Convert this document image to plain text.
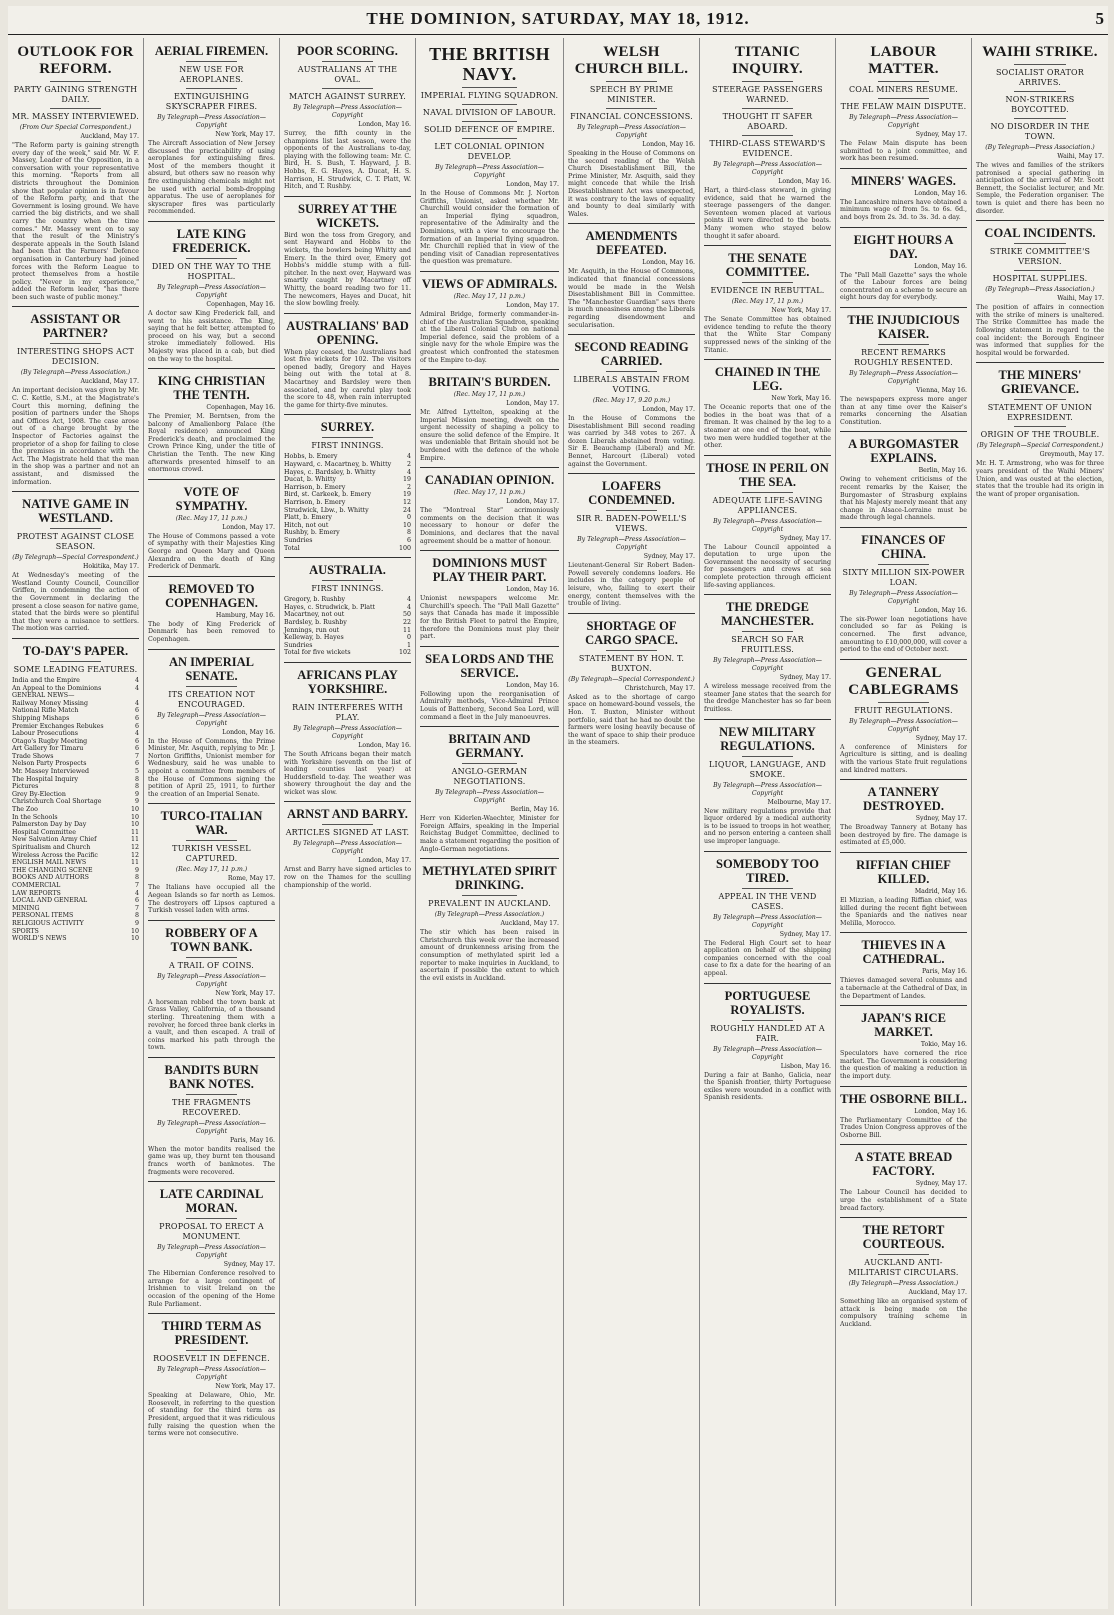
THE DOMINION, SATURDAY, MAY 18, 1912.	5
OUTLOOK FOR REFORM.
PARTY GAINING STRENGTH DAILY.
MR. MASSEY INTERVIEWED.
(From Our Special Correspondent.)
Auckland, May 17.
"The Reform party is gaining strength every day of the week," said Mr. W. F. Massey, Leader of the Opposition, in a conversation with your representative this morning. "Reports from all districts throughout the Dominion show that popular opinion is in favour of the Reform party, and that the Government is losing ground. We have carried the big districts, and we shall carry the country when the time comes." Mr. Massey went on to say that the result of the Ministry's desperate appeals in the South Island had been that the Farmers' Defence organisation in Canterbury had joined forces with the Reform League to protect themselves from a hostile policy. "Never in my experience," added the Reform leader, "has there been such waste of public money."
ASSISTANT OR PARTNER?
INTERESTING SHOPS ACT DECISION.
(By Telegraph—Press Association.)
Auckland, May 17.
An important decision was given by Mr. C. C. Kettle, S.M., at the Magistrate's Court this morning, defining the position of partners under the Shops and Offices Act, 1908. The case arose out of a charge brought by the Inspector of Factories against the proprietor of a shop for failing to close the premises in accordance with the Act. The Magistrate held that the man in the shop was a partner and not an assistant, and dismissed the information.
NATIVE GAME IN WESTLAND.
PROTEST AGAINST CLOSE SEASON.
(By Telegraph—Special Correspondent.)
Hokitika, May 17.
At Wednesday's meeting of the Westland County Council, Councillor Griffen, in condemning the action of the Government in declaring the present a close season for native game, stated that the birds were so plentiful that they were a nuisance to settlers. The motion was carried.
TO-DAY'S PAPER.
SOME LEADING FEATURES.
India and the Empire	4
An Appeal to the Dominions	4
GENERAL NEWS—
Railway Money Missing	4
National Rifle Match	6
Shipping Mishaps	6
Premier Exchanges Rebukes	6
Labour Prosecutions	4
Otago's Rugby Meeting	6
Art Gallery for Timaru	6
Trade Shows	7
Nelson Party Prospects	6
Mr. Massey Interviewed	5
The Hospital Inquiry	8
Pictures	8
Grey By-Election	9
Christchurch Coal Shortage	9
The Zoo	10
In the Schools	10
Palmerston Day by Day	10
Hospital Committee	11
New Salvation Army Chief	11
Spiritualism and Church	12
Wireless Across the Pacific	12
ENGLISH MAIL NEWS	11
THE CHANGING SCENE	9
BOOKS AND AUTHORS	8
COMMERCIAL	7
LAW REPORTS	4
LOCAL AND GENERAL	6
MINING	7
PERSONAL ITEMS	8
RELIGIOUS ACTIVITY	9
SPORTS	10
WORLD'S NEWS	10
AERIAL FIREMEN.
NEW USE FOR AEROPLANES.
EXTINGUISHING SKYSCRAPER FIRES.
By Telegraph—Press Association—Copyright
New York, May 17.
The Aircraft Association of New Jersey discussed the practicability of using aeroplanes for extinguishing fires. Most of the members thought it absurd, but others saw no reason why fire extinguishing chemicals might not be used with aerial bomb-dropping apparatus. The use of aeroplanes for skyscraper fires was particularly recommended.
LATE KING FREDERICK.
DIED ON THE WAY TO THE HOSPITAL.
By Telegraph—Press Association—Copyright
Copenhagen, May 16.
A doctor saw King Frederick fall, and went to his assistance. The King, saying that he felt better, attempted to proceed on his way, but a second stroke immediately followed. His Majesty was placed in a cab, but died on the way to the hospital.
KING CHRISTIAN THE TENTH.
Copenhagen, May 16.
The Premier, M. Berntsen, from the balcony of Amalienborg Palace (the Royal residence) announced King Frederick's death, and proclaimed the Crown Prince King, under the title of Christian the Tenth. The new King afterwards presented himself to an enormous crowd.
VOTE OF SYMPATHY.
(Rec. May 17, 11 p.m.)
London, May 17.
The House of Commons passed a vote of sympathy with their Majesties King George and Queen Mary and Queen Alexandra on the death of King Frederick of Denmark.
REMOVED TO COPENHAGEN.
Hamburg, May 16.
The body of King Frederick of Denmark has been removed to Copenhagen.
AN IMPERIAL SENATE.
ITS CREATION NOT ENCOURAGED.
By Telegraph—Press Association—Copyright
London, May 16.
In the House of Commons, the Prime Minister, Mr. Asquith, replying to Mr. J. Norton Griffiths, Unionist member for Wednesbury, said he was unable to appoint a committee from members of the House of Commons signing the petition of April 25, 1911, to further the creation of an Imperial Senate.
TURCO-ITALIAN WAR.
TURKISH VESSEL CAPTURED.
(Rec. May 17, 11 p.m.)
Rome, May 17.
The Italians have occupied all the Aegean Islands so far north as Lemos. The destroyers off Lipsos captured a Turkish vessel laden with arms.
ROBBERY OF A TOWN BANK.
A TRAIL OF COINS.
By Telegraph—Press Association—Copyright
New York, May 17.
A horseman robbed the town bank at Grass Valley, California, of a thousand sterling. Threatening them with a revolver, he forced three bank clerks in a vault, and then escaped. A trail of coins marked his path through the town.
BANDITS BURN BANK NOTES.
THE FRAGMENTS RECOVERED.
By Telegraph—Press Association—Copyright
Paris, May 16.
When the motor bandits realised the game was up, they burnt ten thousand francs worth of banknotes. The fragments were recovered.
LATE CARDINAL MORAN.
PROPOSAL TO ERECT A MONUMENT.
By Telegraph—Press Association—Copyright
Sydney, May 17.
The Hibernian Conference resolved to arrange for a large contingent of Irishmen to visit Ireland on the occasion of the opening of the Home Rule Parliament.
THIRD TERM AS PRESIDENT.
ROOSEVELT IN DEFENCE.
By Telegraph—Press Association—Copyright
New York, May 17.
Speaking at Delaware, Ohio, Mr. Roosevelt, in referring to the question of standing for the third term as President, argued that it was ridiculous fully raising the question when the terms were not consecutive.
POOR SCORING.
AUSTRALIANS AT THE OVAL.
MATCH AGAINST SURREY.
By Telegraph—Press Association—Copyright
London, May 16.
Surrey, the fifth county in the champions list last season, were the opponents of the Australians to-day, playing with the following team: Mr. C. Bird, H. S. Bush, T. Hayward, J. B. Hobbs, E. G. Hayes, A. Ducat, H. S. Harrison, H. Strudwick, C. T. Platt, W. Hitch, and T. Rushby.
SURREY AT THE WICKETS.
Bird won the toss from Gregory, and sent Hayward and Hobbs to the wickets, the bowlers being Whitty and Emery. In the third over, Emery got Hobbs's middle stump with a full-pitcher. In the next over, Hayward was smartly caught by Macartney off Whitty, the board reading two for 11. The newcomers, Hayes and Ducat, hit the slow bowling freely.
AUSTRALIANS' BAD OPENING.
When play ceased, the Australians had lost five wickets for 102. The visitors opened badly, Gregory and Hayes being out with the total at 8. Macartney and Bardsley were then associated, and by careful play took the score to 48, when rain interrupted the game for thirty-five minutes.
SURREY.
FIRST INNINGS.
Hobbs, b. Emery	4
Hayward, c. Macartney, b. Whitty 2
Hayes, c. Bardsley, b. Whitty	4
Ducat, b. Whitty	19
Harrison, b. Emery	2
Bird, st. Carkeek, b. Emery	19
Harrison, b. Emery	12
Strudwick, Lbw., b. Whitty	24
Platt, b. Emery	0
Hitch, not out	10
Rushby, b. Emery	8
Sundries	6
Total	100
AUSTRALIA.
FIRST INNINGS.
Gregory, b. Rushby	4
Hayes, c. Strudwick, b. Platt	4
Macartney, not out	50
Bardsley, b. Rushby	22
Jennings, run out	11
Kelleway, b. Hayes	0
Sundries	1
Total for five wickets	102
AFRICANS PLAY YORKSHIRE.
RAIN INTERFERES WITH PLAY.
By Telegraph—Press Association—Copyright
London, May 16.
The South Africans began their match with Yorkshire (seventh on the list of leading counties last year) at Huddersfield to-day. The weather was showery throughout the day and the wicket was slow.
ARNST AND BARRY.
ARTICLES SIGNED AT LAST.
By Telegraph—Press Association—Copyright
London, May 17.
Arnst and Barry have signed articles to row on the Thames for the sculling championship of the world.
THE BRITISH NAVY.
IMPERIAL FLYING SQUADRON.
NAVAL DIVISION OF LABOUR.
SOLID DEFENCE OF EMPIRE.
LET COLONIAL OPINION DEVELOP.
By Telegraph—Press Association—Copyright
London, May 17.
In the House of Commons Mr. J. Norton Griffiths, Unionist, asked whether Mr. Churchill would consider the formation of an Imperial flying squadron, representative of the Admiralty and the Dominions, with a view to encourage the formation of an Imperial flying squadron. Mr. Churchill replied that in view of the pending visit of Canadian representatives the question was premature.
VIEWS OF ADMIRALS.
(Rec. May 17, 11 p.m.)
London, May 17.
Admiral Bridge, formerly commander-in-chief of the Australian Squadron, speaking at the Liberal Colonial Club on national Imperial defence, said the problem of a single navy for the whole Empire was the greatest which confronted the statesmen of the Empire to-day.
BRITAIN'S BURDEN.
(Rec. May 17, 11 p.m.)
London, May 17.
Mr. Alfred Lyttelton, speaking at the Imperial Mission meeting, dwelt on the urgent necessity of shaping a policy to ensure the solid defence of the Empire. It was undeniable that Britain should not be burdened with the defence of the whole Empire.
CANADIAN OPINION.
(Rec. May 17, 11 p.m.)
London, May 17.
The "Montreal Star" acrimoniously comments on the decision that it was necessary to honour or defer the Dominions, and declares that the naval agreement should be a matter of honour.
DOMINIONS MUST PLAY THEIR PART.
London, May 16.
Unionist newspapers welcome Mr. Churchill's speech. The "Pall Mall Gazette" says that Canada has made it impossible for the British Fleet to patrol the Empire, therefore the Dominions must play their part.
SEA LORDS AND THE SERVICE.
London, May 16.
Following upon the reorganisation of Admiralty methods, Vice-Admiral Prince Louis of Battenberg, Second Sea Lord, will command a fleet in the July manoeuvres.
BRITAIN AND GERMANY.
ANGLO-GERMAN NEGOTIATIONS.
By Telegraph—Press Association—Copyright
Berlin, May 16.
Herr von Kiderlen-Waechter, Minister for Foreign Affairs, speaking in the Imperial Reichstag Budget Committee, declined to make a statement regarding the position of Anglo-German negotiations.
METHYLATED SPIRIT DRINKING.
PREVALENT IN AUCKLAND.
(By Telegraph—Press Association.)
Auckland, May 17.
The stir which has been raised in Christchurch this week over the increased amount of drunkenness arising from the consumption of methylated spirit led a reporter to make inquiries in Auckland, to ascertain if possible the extent to which the evil exists in Auckland.
WELSH CHURCH BILL.
SPEECH BY PRIME MINISTER.
FINANCIAL CONCESSIONS.
By Telegraph—Press Association—Copyright
London, May 16.
Speaking in the House of Commons on the second reading of the Welsh Church Disestablishment Bill, the Prime Minister, Mr. Asquith, said they might concede that while the Irish Disestablishment Act was unexpected, it was contrary to the laws of equality and bounty to deal similarly with Wales.
AMENDMENTS DEFEATED.
London, May 16.
Mr. Asquith, in the House of Commons, indicated that financial concessions would be made in the Welsh Disestablishment Bill in Committee. The "Manchester Guardian" says there is much uneasiness among the Liberals regarding disendowment and secularisation.
SECOND READING CARRIED.
LIBERALS ABSTAIN FROM VOTING.
(Rec. May 17, 9.20 p.m.)
London, May 17.
In the House of Commons the Disestablishment Bill second reading was carried by 348 votes to 267. A dozen Liberals abstained from voting. Sir E. Beauchamp (Liberal) and Mr. Bennet, Harcourt (Liberal) voted against the Government.
LOAFERS CONDEMNED.
SIR R. BADEN-POWELL'S VIEWS.
By Telegraph—Press Association—Copyright
Sydney, May 17.
Lieutenant-General Sir Robert Baden-Powell severely condemns loafers. He includes in the category people of leisure, who, failing to exert their energy, content themselves with the trouble of living.
SHORTAGE OF CARGO SPACE.
STATEMENT BY HON. T. BUXTON.
(By Telegraph—Special Correspondent.)
Christchurch, May 17.
Asked as to the shortage of cargo space on homeward-bound vessels, the Hon. T. Buxton, Minister without portfolio, said that he had no doubt the farmers were losing heavily because of the want of space to ship their produce in the steamers.
TITANIC INQUIRY.
STEERAGE PASSENGERS WARNED.
THOUGHT IT SAFER ABOARD.
THIRD-CLASS STEWARD'S EVIDENCE.
By Telegraph—Press Association—Copyright
London, May 16.
Hart, a third-class steward, in giving evidence, said that he warned the steerage passengers of the danger. Seventeen women placed at various points ill were directed to the boats. Many women who stayed below thought it safer aboard.
THE SENATE COMMITTEE.
EVIDENCE IN REBUTTAL.
(Rec. May 17, 11 p.m.)
New York, May 17.
The Senate Committee has obtained evidence tending to refute the theory that the White Star Company suppressed news of the sinking of the Titanic.
CHAINED IN THE LEG.
New York, May 16.
The Oceanic reports that one of the bodies in the boat was that of a fireman. It was chained by the leg to a steamer at one end of the boat, while two men were huddled together at the other.
THOSE IN PERIL ON THE SEA.
ADEQUATE LIFE-SAVING APPLIANCES.
By Telegraph—Press Association—Copyright
Sydney, May 17.
The Labour Council appointed a deputation to urge upon the Government the necessity of securing for passengers and crews at sea complete protection through efficient life-saving appliances.
THE DREDGE MANCHESTER.
SEARCH SO FAR FRUITLESS.
By Telegraph—Press Association—Copyright
Sydney, May 17.
A wireless message received from the steamer Jane states that the search for the dredge Manchester has so far been fruitless.
NEW MILITARY REGULATIONS.
LIQUOR, LANGUAGE, AND SMOKE.
By Telegraph—Press Association—Copyright
Melbourne, May 17.
New military regulations provide that liquor ordered by a medical authority is to be issued to troops in hot weather, and no person entering a canteen shall use improper language.
SOMEBODY TOO TIRED.
APPEAL IN THE VEND CASES.
By Telegraph—Press Association—Copyright
Sydney, May 17.
The Federal High Court set to hear application on behalf of the shipping companies concerned with the coal case to fix a date for the hearing of an appeal.
PORTUGUESE ROYALISTS.
ROUGHLY HANDLED AT A FAIR.
By Telegraph—Press Association—Copyright
Lisbon, May 16.
During a fair at Banho, Galicia, near the Spanish frontier, thirty Portuguese exiles were wounded in a conflict with Spanish residents.
LABOUR MATTER.
COAL MINERS RESUME.
THE FELAW MAIN DISPUTE.
By Telegraph—Press Association—Copyright
Sydney, May 17.
The Felaw Main dispute has been submitted to a joint committee, and work has been resumed.
MINERS' WAGES.
London, May 16.
The Lancashire miners have obtained a minimum wage of from 5s. to 6s. 6d., and boys from 2s. 3d. to 3s. 3d. a day.
EIGHT HOURS A DAY.
London, May 16.
The "Pall Mall Gazette" says the whole of the Labour forces are being concentrated on a scheme to secure an eight hours day for everybody.
THE INJUDICIOUS KAISER.
RECENT REMARKS ROUGHLY RESENTED.
By Telegraph—Press Association—Copyright
Vienna, May 16.
The newspapers express more anger than at any time over the Kaiser's remarks concerning the Alsatian Constitution.
A BURGOMASTER EXPLAINS.
Berlin, May 16.
Owing to vehement criticisms of the recent remarks by the Kaiser, the Burgomaster of Strasburg explains that his Majesty merely meant that any change in Alsace-Lorraine must be made through legal channels.
FINANCES OF CHINA.
SIXTY MILLION SIX-POWER LOAN.
By Telegraph—Press Association—Copyright
London, May 16.
The six-Power loan negotiations have concluded so far as Peking is concerned. The first advance, amounting to £10,000,000, will cover a period to the end of October next.
GENERAL CABLEGRAMS
FRUIT REGULATIONS.
By Telegraph—Press Association—Copyright
Sydney, May 17.
A conference of Ministers for Agriculture is sitting, and is dealing with the various State fruit regulations and kindred matters.
A TANNERY DESTROYED.
Sydney, May 17.
The Broadway Tannery at Botany has been destroyed by fire. The damage is estimated at £5,000.
RIFFIAN CHIEF KILLED.
Madrid, May 16.
El Mizzian, a leading Riffian chief, was killed during the recent fight between the Spaniards and the natives near Melilla, Morocco.
THIEVES IN A CATHEDRAL.
Paris, May 16.
Thieves damaged several columns and a tabernacle at the Cathedral of Dax, in the Department of Landes.
JAPAN'S RICE MARKET.
Tokio, May 16.
Speculators have cornered the rice market. The Government is considering the question of making a reduction in the import duty.
THE OSBORNE BILL.
London, May 16.
The Parliamentary Committee of the Trades Union Congress approves of the Osborne Bill.
A STATE BREAD FACTORY.
Sydney, May 17.
The Labour Council has decided to urge the establishment of a State bread factory.
THE RETORT COURTEOUS.
AUCKLAND ANTI-MILITARIST CIRCULARS.
(By Telegraph—Press Association.)
Auckland, May 17.
Something like an organised system of attack is being made on the compulsory training scheme in Auckland.
WAIHI STRIKE.
SOCIALIST ORATOR ARRIVES.
NON-STRIKERS BOYCOTTED.
NO DISORDER IN THE TOWN.
(By Telegraph—Press Association.)
Waihi, May 17.
The wives and families of the strikers patronised a special gathering in anticipation of the arrival of Mr. Scott Bennett, the Socialist lecturer, and Mr. Semple, the Federation organiser. The town is quiet and there has been no disorder.
COAL INCIDENTS.
STRIKE COMMITTEE'S VERSION.
HOSPITAL SUPPLIES.
(By Telegraph—Press Association.)
Waihi, May 17.
The position of affairs in connection with the strike of miners is unaltered. The Strike Committee has made the following statement in regard to the coal incident: the Borough Engineer was informed that supplies for the hospital would be forwarded.
THE MINERS' GRIEVANCE.
STATEMENT OF UNION EXPRESIDENT.
ORIGIN OF THE TROUBLE.
(By Telegraph—Special Correspondent.)
Greymouth, May 17.
Mr. H. T. Armstrong, who was for three years president of the Waihi Miners' Union, and was ousted at the election, states that the trouble had its origin in the want of proper organisation.
